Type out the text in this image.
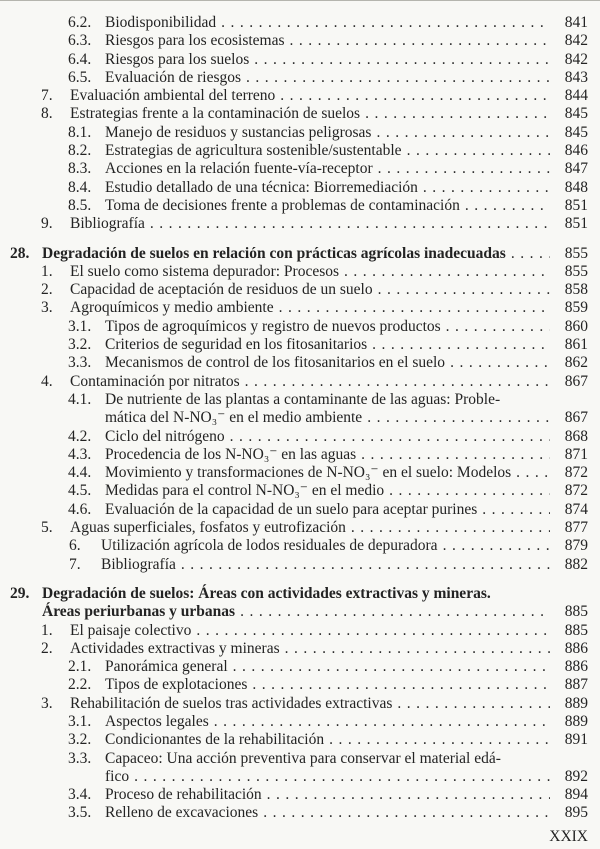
6.2. Biodisponibilidad .....	841
6.3. Riesgos para los ecosistemas .....	842
6.4. Riesgos para los suelos .....	842
6.5. Evaluación de riesgos .....	843
7.	Evaluación ambiental del terreno .....	844
8.	Estrategias frente a la contaminación de suelos .....	845
8.1. Manejo de residuos y sustancias peligrosas .....	845
8.2. Estrategias de agricultura sostenible/sustentable .....	846
8.3. Acciones en la relación fuente-vía-receptor .....	847
8.4. Estudio detallado de una técnica: Biorremediación .....	848
8.5. Toma de decisiones frente a problemas de contaminación .....	851
9.	Bibliografía .....	851
28. Degradación de suelos en relación con prácticas agrícolas inadecuadas .....	855
1.	El suelo como sistema depurador: Procesos .....	855
2.	Capacidad de aceptación de residuos de un suelo .....	858
3.	Agroquímicos y medio ambiente .....	859
3.1. Tipos de agroquímicos y registro de nuevos productos .....	860
3.2. Criterios de seguridad en los fitosanitarios .....	861
3.3. Mecanismos de control de los fitosanitarios en el suelo .....	862
4.	Contaminación por nitratos .....	867
4.1. De nutriente de las plantas a contaminante de las aguas: Proble-
mática del N-NO₃⁻ en el medio ambiente .....	867
4.2. Ciclo del nitrógeno .....	868
4.3. Procedencia de los N-NO₃⁻ en las aguas .....	871
4.4. Movimiento y transformaciones de N-NO₃⁻ en el suelo: Modelos .....	872
4.5. Medidas para el control N-NO₃⁻ en el medio .....	872
4.6. Evaluación de la capacidad de un suelo para aceptar purines .....	874
5.	Aguas superficiales, fosfatos y eutrofización .....	877
6.	Utilización agrícola de lodos residuales de depuradora .....	879
7.	Bibliografía .....	882
29. Degradación de suelos: Áreas con actividades extractivas y mineras.
Áreas periurbanas y urbanas .....	885
1.	El paisaje colectivo .....	885
2.	Actividades extractivas y mineras .....	886
2.1. Panorámica general .....	886
2.2. Tipos de explotaciones .....	887
3.	Rehabilitación de suelos tras actividades extractivas .....	889
3.1. Aspectos legales .....	889
3.2. Condicionantes de la rehabilitación .....	891
3.3. Capaceo: Una acción preventiva para conservar el material edá-
fico .....	892
3.4. Proceso de rehabilitación .....	894
3.5. Relleno de excavaciones .....	895
XXIX
